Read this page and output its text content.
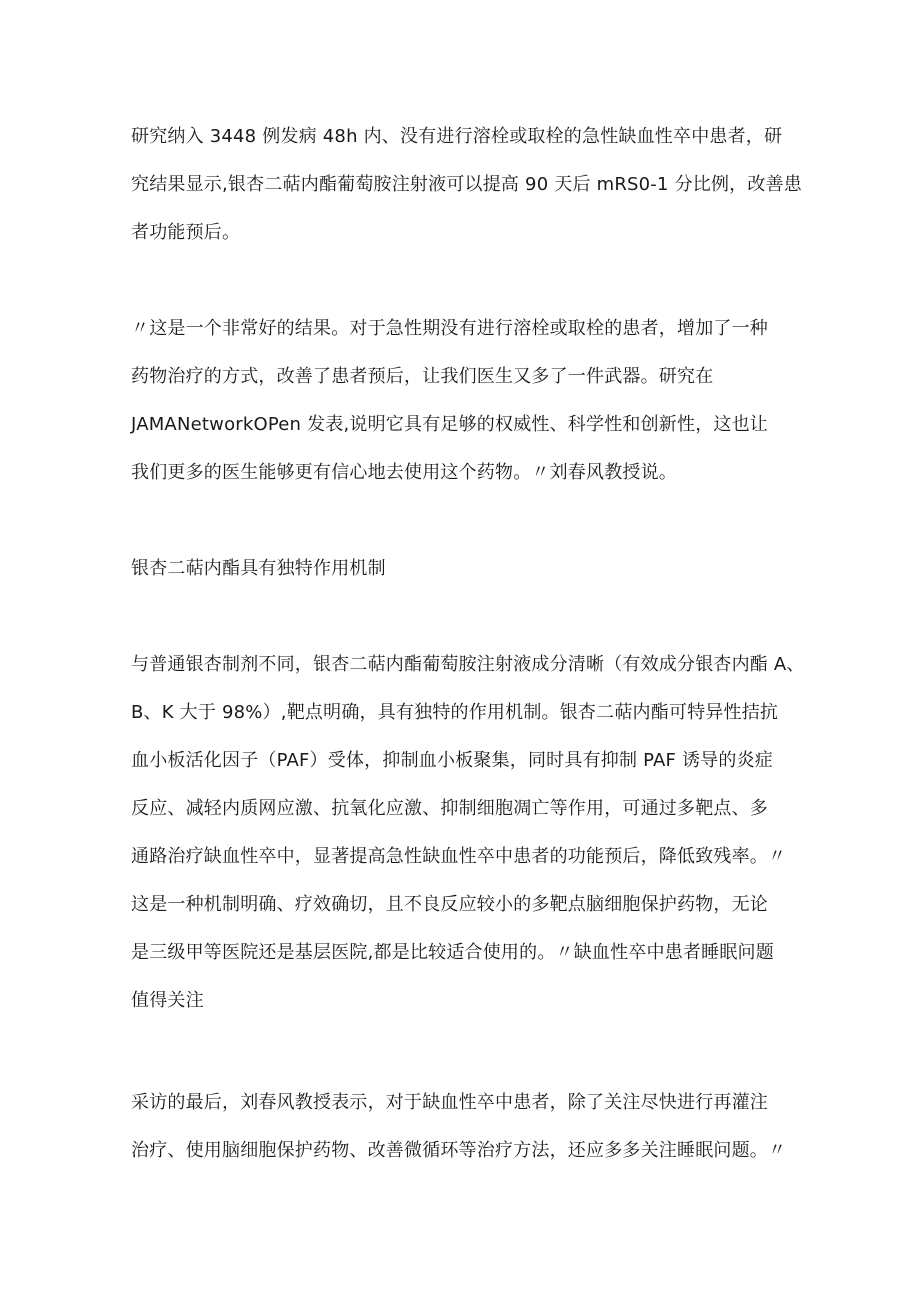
研究纳入 3448 例发病 48h 内、没有进行溶栓或取栓的急性缺血性卒中患者，研

究结果显示,银杏二萜内酯葡萄胺注射液可以提高 90 天后 mRS0-1 分比例，改善患

者功能预后。

〃这是一个非常好的结果。对于急性期没有进行溶栓或取栓的患者，增加了一种

药物治疗的方式，改善了患者预后，让我们医生又多了一件武器。研究在

JAMANetworkOPen 发表,说明它具有足够的权威性、科学性和创新性，这也让

我们更多的医生能够更有信心地去使用这个药物。〃刘春风教授说。

银杏二萜内酯具有独特作用机制

与普通银杏制剂不同，银杏二萜内酯葡萄胺注射液成分清晰（有效成分银杏内酯 A、

B、K 大于 98%）,靶点明确，具有独特的作用机制。银杏二萜内酯可特异性拮抗

血小板活化因子（PAF）受体，抑制血小板聚集，同时具有抑制 PAF 诱导的炎症

反应、减轻内质网应激、抗氧化应激、抑制细胞凋亡等作用，可通过多靶点、多

通路治疗缺血性卒中，显著提高急性缺血性卒中患者的功能预后，降低致残率。〃

这是一种机制明确、疗效确切，且不良反应较小的多靶点脑细胞保护药物，无论

是三级甲等医院还是基层医院,都是比较适合使用的。〃缺血性卒中患者睡眠问题

值得关注

采访的最后，刘春风教授表示，对于缺血性卒中患者，除了关注尽快进行再灌注

治疗、使用脑细胞保护药物、改善微循环等治疗方法，还应多多关注睡眠问题。〃
